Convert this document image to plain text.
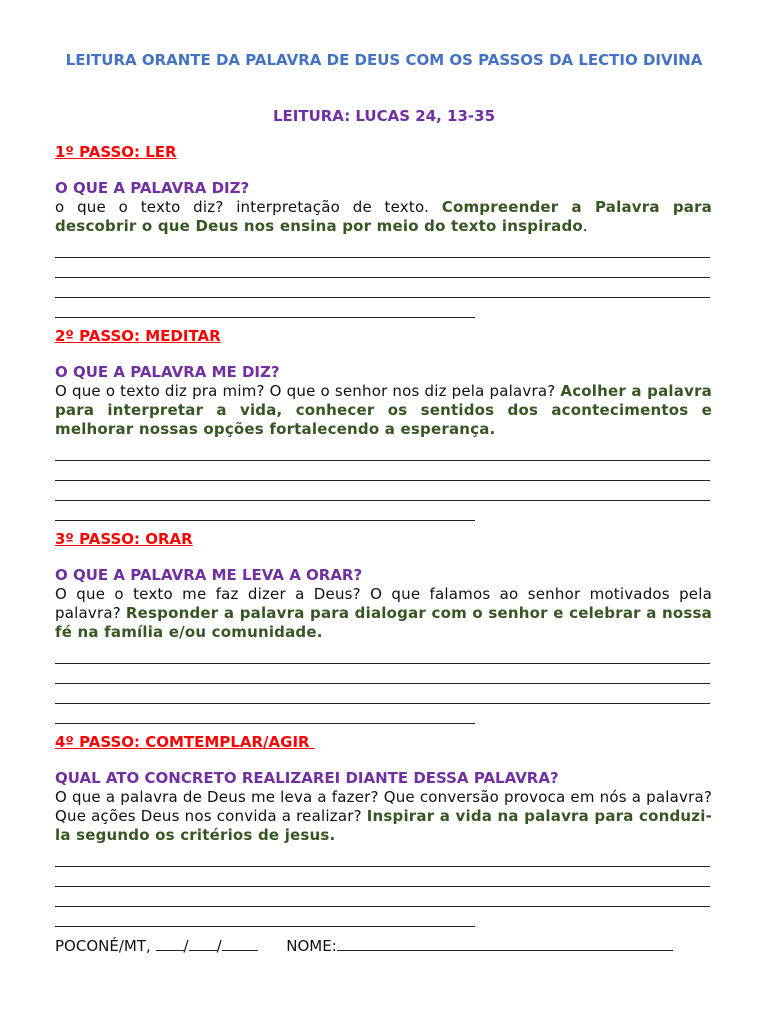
LEITURA ORANTE DA PALAVRA DE DEUS COM OS PASSOS DA LECTIO DIVINA
LEITURA: LUCAS 24, 13-35

1º PASSO: LER

O QUE A PALAVRA DIZ?

o que o texto diz? interpretação de texto. Compreender a Palavra para descobrir o que Deus nos ensina por meio do texto inspirado.

2º PASSO: MEDITAR

O QUE A PALAVRA ME DIZ?

O que o texto diz pra mim? O que o senhor nos diz pela palavra? Acolher a palavra para interpretar a vida, conhecer os sentidos dos acontecimentos e melhorar nossas opções fortalecendo a esperança.

3º PASSO: ORAR

O QUE A PALAVRA ME LEVA A ORAR?

O que o texto me faz dizer a Deus? O que falamos ao senhor motivados pela palavra? Responder a palavra para dialogar com o senhor e celebrar a nossa fé na família e/ou comunidade.

4º PASSO: COMTEMPLAR/AGIR

QUAL ATO CONCRETO REALIZAREI DIANTE DESSA PALAVRA?

O que a palavra de Deus me leva a fazer? Que conversão provoca em nós a palavra? Que ações Deus nos convida a realizar? Inspirar a vida na palavra para conduzi-la segundo os critérios de jesus.

POCONÉ/MT, / /	NOME:
